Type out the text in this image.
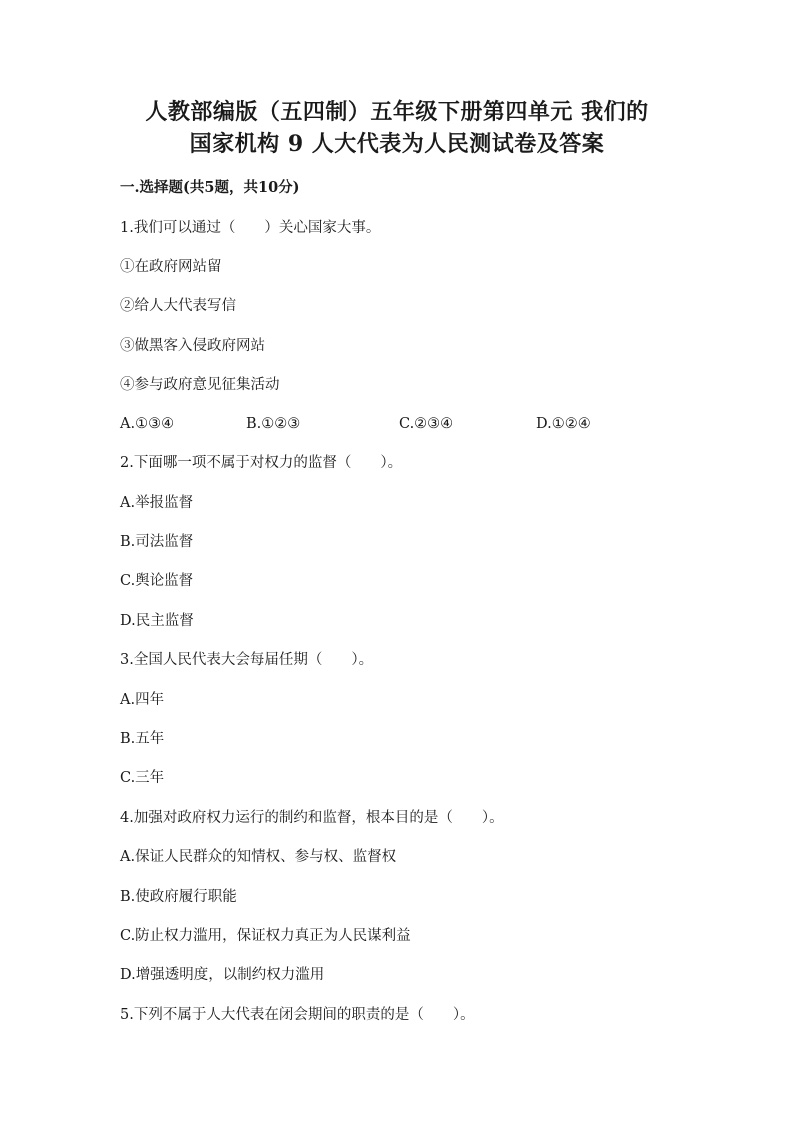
人教部编版（五四制）五年级下册第四单元 我们的
国家机构 9 人大代表为人民测试卷及答案
一.选择题(共5题，共10分)
1.我们可以通过（　　）关心国家大事。
①在政府网站留
②给人大代表写信
③做黑客入侵政府网站
④参与政府意见征集活动
A.①③④	B.①②③	C.②③④	D.①②④
2.下面哪一项不属于对权力的监督（　　）。
A.举报监督
B.司法监督
C.舆论监督
D.民主监督
3.全国人民代表大会每届任期（　　）。
A.四年
B.五年
C.三年
4.加强对政府权力运行的制约和监督，根本目的是（　　）。
A.保证人民群众的知情权、参与权、监督权
B.使政府履行职能
C.防止权力滥用，保证权力真正为人民谋利益
D.增强透明度，以制约权力滥用
5.下列不属于人大代表在闭会期间的职责的是（　　）。
